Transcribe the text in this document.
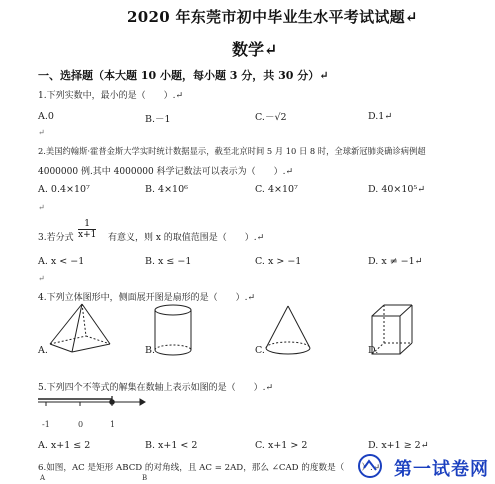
2020 年东莞市初中毕业生水平考试试题↵
数学↵
一、选择题（本大题 10 小题，每小题 3 分，共 30 分）↵
1.下列实数中，最小的是（　　）.↵
A.0	B.－1	C.－√2	D.1↵
↵
2.美国约翰斯·霍普金斯大学实时统计数据显示，截至北京时间 5 月 10 日 8 时，全球新冠肺炎确诊病例超
4000000 例.其中 4000000 科学记数法可以表示为（　　）.↵
A. 0.4×10⁷	B. 4×10⁶	C. 4×10⁷	D. 40×10⁵↵
↵
3.若分式 $\frac{1}{x+1}$ 有意义，则 x 的取值范围是（　　）.↵
A. x < −1	B. x ≤ −1	C. x > −1	D. x ≠ −1↵
↵
4.下列立体图形中，侧面展开图是扇形的是（　　）.↵
A.	B.	C.	D.
5.下列四个不等式的解集在数轴上表示如图的是（　　）.↵
-1	0	1
A. x+1 ≤ 2	B. x+1 < 2	C. x+1 > 2	D. x+1 ≥ 2↵
6.如图，AC 是矩形 ABCD 的对角线，且 AC = 2AD，那么 ∠CAD 的度数是（　　）.↵
A	B	第一试卷网
